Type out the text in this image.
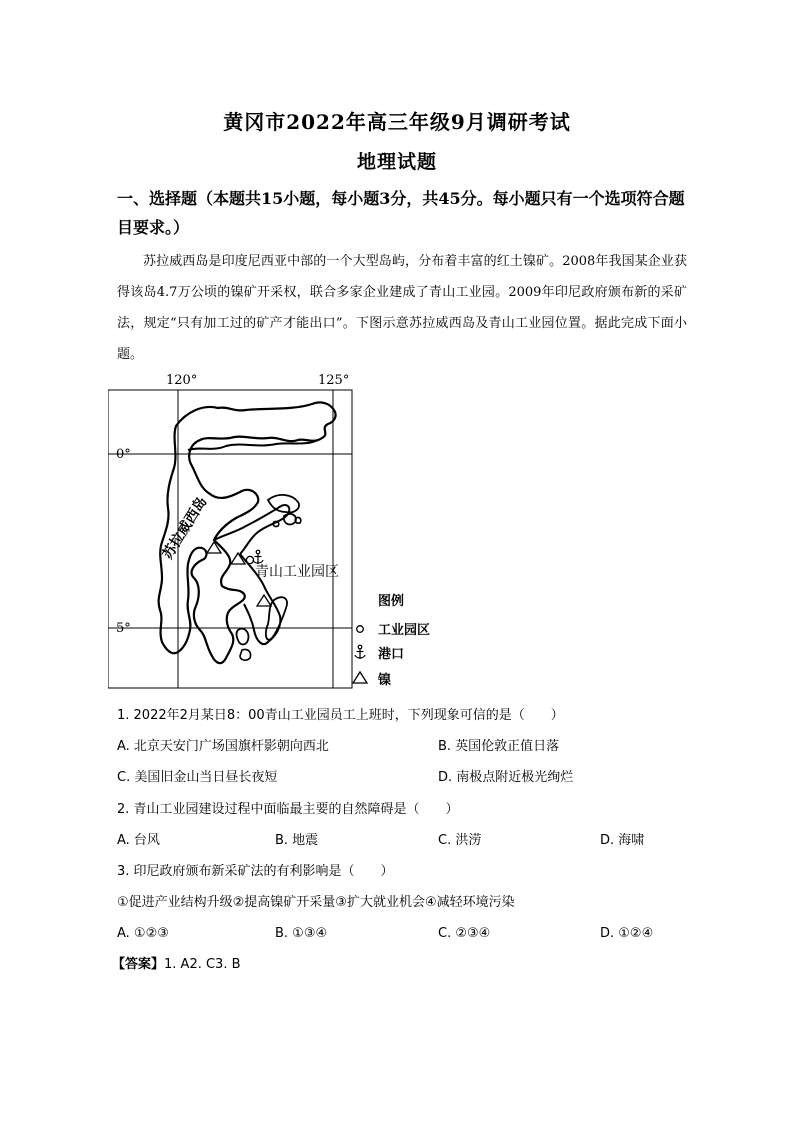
黄冈市2022年高三年级9月调研考试
地理试题
一、选择题（本题共15小题，每小题3分，共45分。每小题只有一个选项符合题目要求。）

苏拉威西岛是印度尼西亚中部的一个大型岛屿，分布着丰富的红土镍矿。2008年我国某企业获得该岛4.7万公顷的镍矿开采权，联合多家企业建成了青山工业园。2009年印尼政府颁布新的采矿法，规定“只有加工过的矿产才能出口”。下图示意苏拉威西岛及青山工业园位置。据此完成下面小题。

120°	125°
0°
5°
苏拉威西岛
青山工业园区
图例
工业园区
港口
镍
1. 2022年2月某日8：00青山工业园员工上班时，下列现象可信的是（　　）
A. 北京天安门广场国旗杆影朝向西北	B. 英国伦敦正值日落
C. 美国旧金山当日昼长夜短	D. 南极点附近极光绚烂
2. 青山工业园建设过程中面临最主要的自然障碍是（　　）
A. 台风	B. 地震	C. 洪涝	D. 海啸
3. 印尼政府颁布新采矿法的有利影响是（　　）
①促进产业结构升级②提高镍矿开采量③扩大就业机会④减轻环境污染
A. ①②③	B. ①③④	C. ②③④	D. ①②④
【答案】1. A2. C3. B
